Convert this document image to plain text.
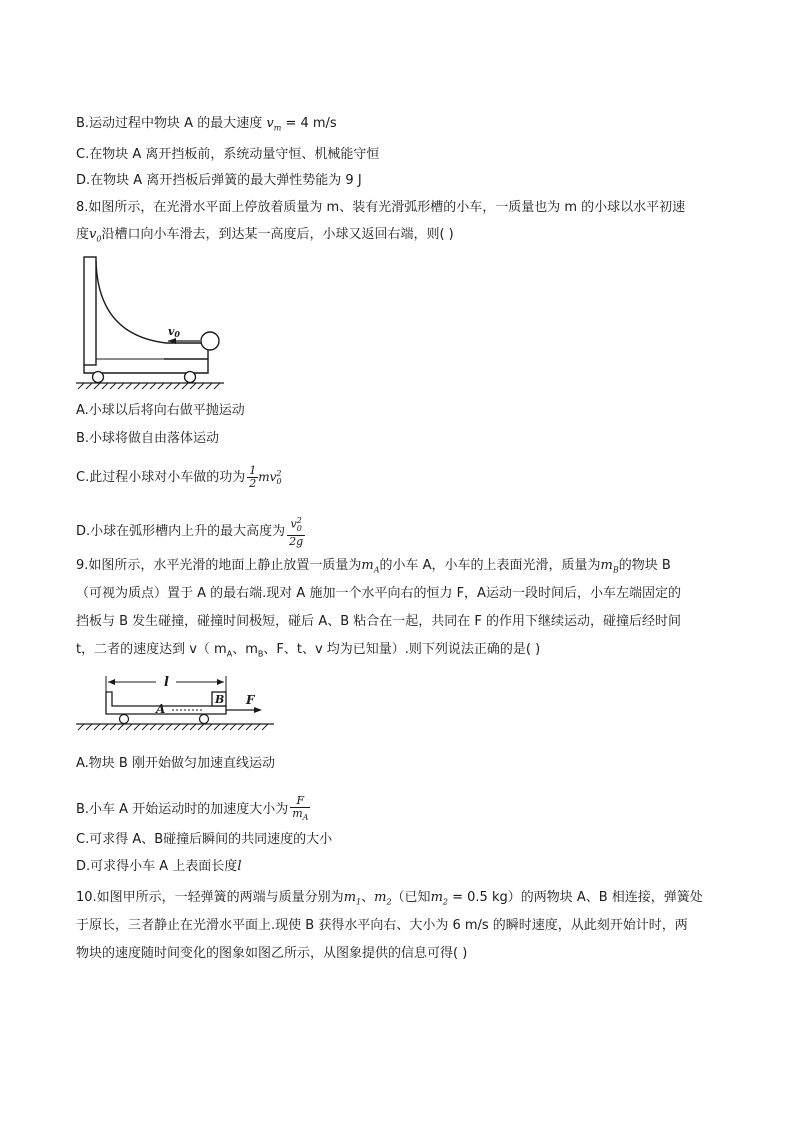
B.运动过程中物块 A 的最大速度 $v_m = 4$ m/s
C.在物块 A 离开挡板前，系统动量守恒、机械能守恒
D.在物块 A 离开挡板后弹簧的最大弹性势能为 9 J
8.如图所示，在光滑水平面上停放着质量为 m、装有光滑弧形槽的小车，一质量也为 m 的小球以水平初速
度$v_0$沿槽口向小车滑去，到达某一高度后，小球又返回右端，则( )
v0
A.小球以后将向右做平抛运动
B.小球将做自由落体运动
C.此过程小球对小车做的功为 $\frac{1}{2} mv^2_0$
D.小球在弧形槽内上升的最大高度为 $\frac{v^2_0}{2g}$
9.如图所示，水平光滑的地面上静止放置一质量为$m_A$的小车 A，小车的上表面光滑，质量为$m_B$的物块 B
（可视为质点）置于 A 的最右端.现对 A 施加一个水平向右的恒力 F，A运动一段时间后，小车左端固定的
挡板与 B 发生碰撞，碰撞时间极短，碰后 A、B 粘合在一起，共同在 F 的作用下继续运动，碰撞后经时间
t，二者的速度达到 v（ $m_A$、$m_B$、F、t、v 均为已知量）.则下列说法正确的是( )
l
B
A
F
A.物块 B 刚开始做匀加速直线运动
B.小车 A 开始运动时的加速度大小为 $\frac{F}{m_A}$
C.可求得 A、B碰撞后瞬间的共同速度的大小
D.可求得小车 A 上表面长度l
10.如图甲所示，一轻弹簧的两端与质量分别为$m_1$、$m_2$（已知$m_2 = 0.5$ kg）的两物块 A、B 相连接，弹簧处
于原长，三者静止在光滑水平面上.现使 B 获得水平向右、大小为 6 m/s 的瞬时速度，从此刻开始计时，两
物块的速度随时间变化的图象如图乙所示，从图象提供的信息可得( )
